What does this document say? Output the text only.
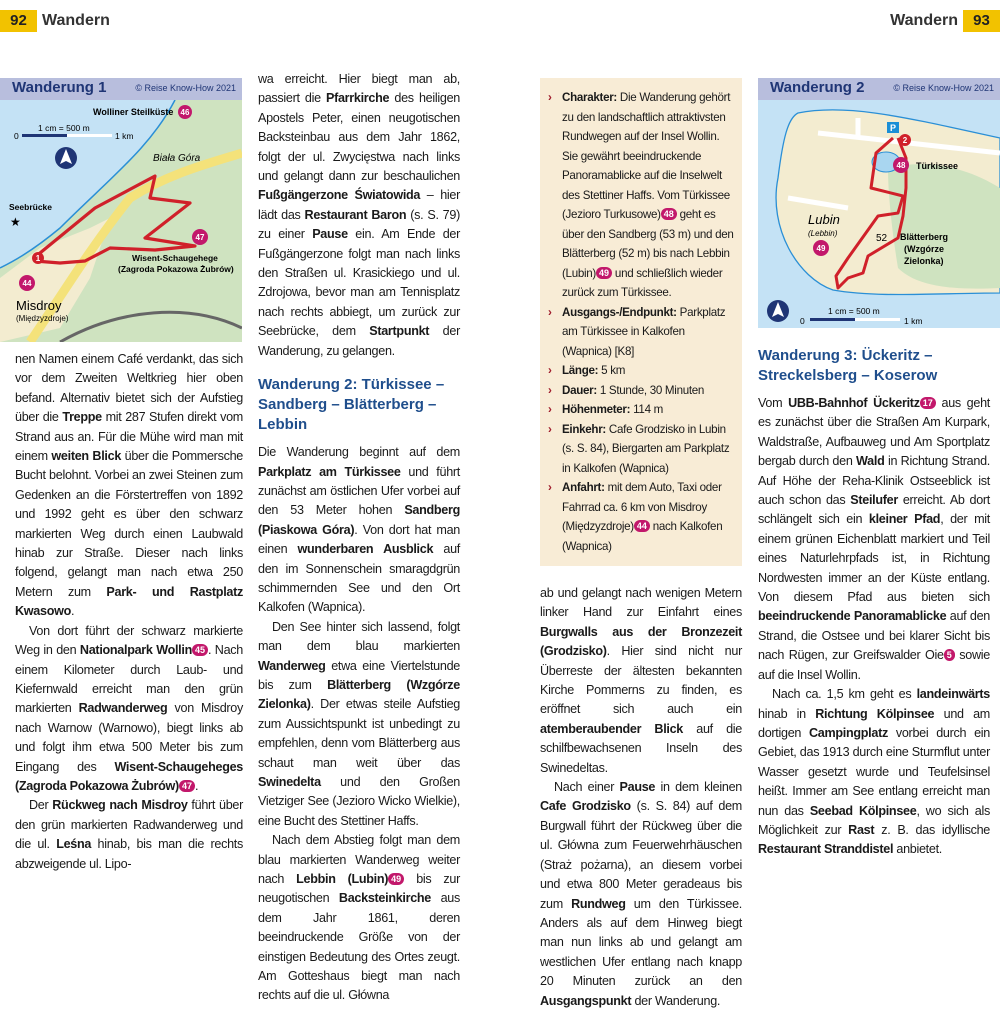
92 Wandern	Wandern	93
Wolliner Steilküste 46
1 cm = 500 m
0	1 km
Biała Góra
Seebrücke
★
1
47
Wisent-Schaugehege
(Zagroda Pokazowa Żubrów)
44
Misdroy
(Międzyzdroje)
Wanderung 1	© Reise Know-How 2021

nen Namen einem Café verdankt, das sich vor dem Zweiten Weltkrieg hier oben befand. Alternativ bietet sich der Aufstieg über die Treppe mit 287 Stufen direkt vom Strand aus an. Für die Mühe wird man mit einem weiten Blick über die Pommersche Bucht belohnt. Vorbei an zwei Steinen zum Gedenken an die Förstertreffen von 1892 und 1992 geht es über den schwarz markierten Weg durch einen Laubwald hinab zur Straße. Dieser nach links folgend, gelangt man nach etwa 250 Metern zum Park- und Rastplatz Kwasowo.

Von dort führt der schwarz markierte Weg in den Nationalpark Wollin 45 . Nach einem Kilometer durch Laub- und Kiefernwald erreicht man den grün markierten Radwanderweg von Misdroy nach Warnow (Warnowo), biegt links ab und folgt ihm etwa 500 Meter bis zum Eingang des Wisent-Schaugeheges (Zagroda Pokazowa Żubrów) 47 .

Der Rückweg nach Misdroy führt über den grün markierten Radwanderweg und die ul. Leśna hinab, bis man die rechts abzweigende ul. Lipo-

wa erreicht. Hier biegt man ab, passiert die Pfarrkirche des heiligen Apostels Peter, einen neugotischen Backsteinbau aus dem Jahr 1862, folgt der ul. Zwycięstwa nach links und gelangt dann zur beschaulichen Fußgängerzone Światowida – hier lädt das Restaurant Baron (s. S. 79) zu einer Pause ein. Am Ende der Fußgängerzone folgt man nach links den Straßen ul. Krasickiego und ul. Zdrojowa, bevor man am Tennisplatz nach rechts abbiegt, um zurück zur Seebrücke, dem Startpunkt der Wanderung, zu gelangen.

Wanderung 2: Türkissee – Sandberg – Blätterberg – Lebbin

Die Wanderung beginnt auf dem Parkplatz am Türkissee und führt zunächst am östlichen Ufer vorbei auf den 53 Meter hohen Sandberg (Piaskowa Góra). Von dort hat man einen wunderbaren Ausblick auf den im Sonnenschein smaragdgrün schimmernden See und den Ort Kalkofen (Wapnica).

Den See hinter sich lassend, folgt man dem blau markierten Wanderweg etwa eine Viertelstunde bis zum Blätterberg (Wzgórze Zielonka). Der etwas steile Aufstieg zum Aussichtspunkt ist unbedingt zu empfehlen, denn vom Blätterberg aus schaut man weit über das Swinedelta und den Großen Vietziger See (Jezioro Wicko Wielkie), eine Bucht des Stettiner Haffs.

Nach dem Abstieg folgt man dem blau markierten Wanderweg weiter nach Lebbin (Lubin) 49 bis zur neugotischen Backsteinkirche aus dem Jahr 1861, deren beeindruckende Größe von der einstigen Bedeutung des Ortes zeugt. Am Gotteshaus biegt man nach rechts auf die ul. Główna

› Charakter: Die Wanderung gehört zu den landschaftlich attraktivsten Rundwegen auf der Insel Wollin. Sie gewährt beeindruckende Panoramablicke auf die Inselwelt des Stettiner Haffs. Vom Türkissee (Jezioro Turkusowe) 48 geht es über den Sandberg (53 m) und den Blätterberg (52 m) bis nach Lebbin (Lubin) 49 und schließlich wieder zurück zum Türkissee.
› Ausgangs-/Endpunkt: Parkplatz am Türkissee in Kalkofen (Wapnica) [K8]
› Länge: 5 km
› Dauer: 1 Stunde, 30 Minuten
› Höhenmeter: 114 m
› Einkehr: Cafe Grodzisko in Lubin (s. S. 84), Biergarten am Parkplatz in Kalkofen (Wapnica)
› Anfahrt: mit dem Auto, Taxi oder Fahrrad ca. 6 km von Misdroy (Międzyzdroje) 44 nach Kalkofen (Wapnica)

ab und gelangt nach wenigen Metern linker Hand zur Einfahrt eines Burgwalls aus der Bronzezeit (Grodzisko). Hier sind nicht nur Überreste der ältesten bekannten Kirche Pommerns zu finden, es eröffnet sich auch ein atemberaubender Blick auf die schilfbewachsenen Inseln des Swinedeltas.

Nach einer Pause in dem kleinen Cafe Grodzisko (s. S. 84) auf dem Burgwall führt der Rückweg über die ul. Główna zum Feuerwehrhäuschen (Straż pożarna), an diesem vorbei und etwa 800 Meter geradeaus bis zum Rundweg um den Türkissee. Anders als auf dem Hinweg biegt man nun links ab und gelangt am westlichen Ufer entlang nach knapp 20 Minuten zurück an den Ausgangspunkt der Wanderung.

P
2
48 Türkissee
Lubin
(Lebbin)
49
52 Blätterberg
(Wzgórze
Zielonka)
1 cm = 500 m
0	1 km
Wanderung 2	© Reise Know-How 2021
Wanderung 3: Ückeritz – Streckelsberg – Koserow

Vom UBB-Bahnhof Ückeritz 17 aus geht es zunächst über die Straßen Am Kurpark, Waldstraße, Aufbauweg und Am Sportplatz bergab durch den Wald in Richtung Strand. Auf Höhe der Reha-Klinik Ostseeblick ist auch schon das Steilufer erreicht. Ab dort schlängelt sich ein kleiner Pfad, der mit einem grünen Eichenblatt markiert und Teil eines Naturlehrpfads ist, in Richtung Nordwesten immer an der Küste entlang. Von diesem Pfad aus bieten sich beeindruckende Panoramablicke auf den Strand, die Ostsee und bei klarer Sicht bis nach Rügen, zur Greifswalder Oie 5 sowie auf die Insel Wollin.

Nach ca. 1,5 km geht es landeinwärts hinab in Richtung Kölpinsee und am dortigen Campingplatz vorbei durch ein Gebiet, das 1913 durch eine Sturmflut unter Wasser gesetzt wurde und Teufelsinsel heißt. Immer am See entlang erreicht man nun das Seebad Kölpinsee, wo sich als Möglichkeit zur Rast z. B. das idyllische Restaurant Stranddistel anbietet.
